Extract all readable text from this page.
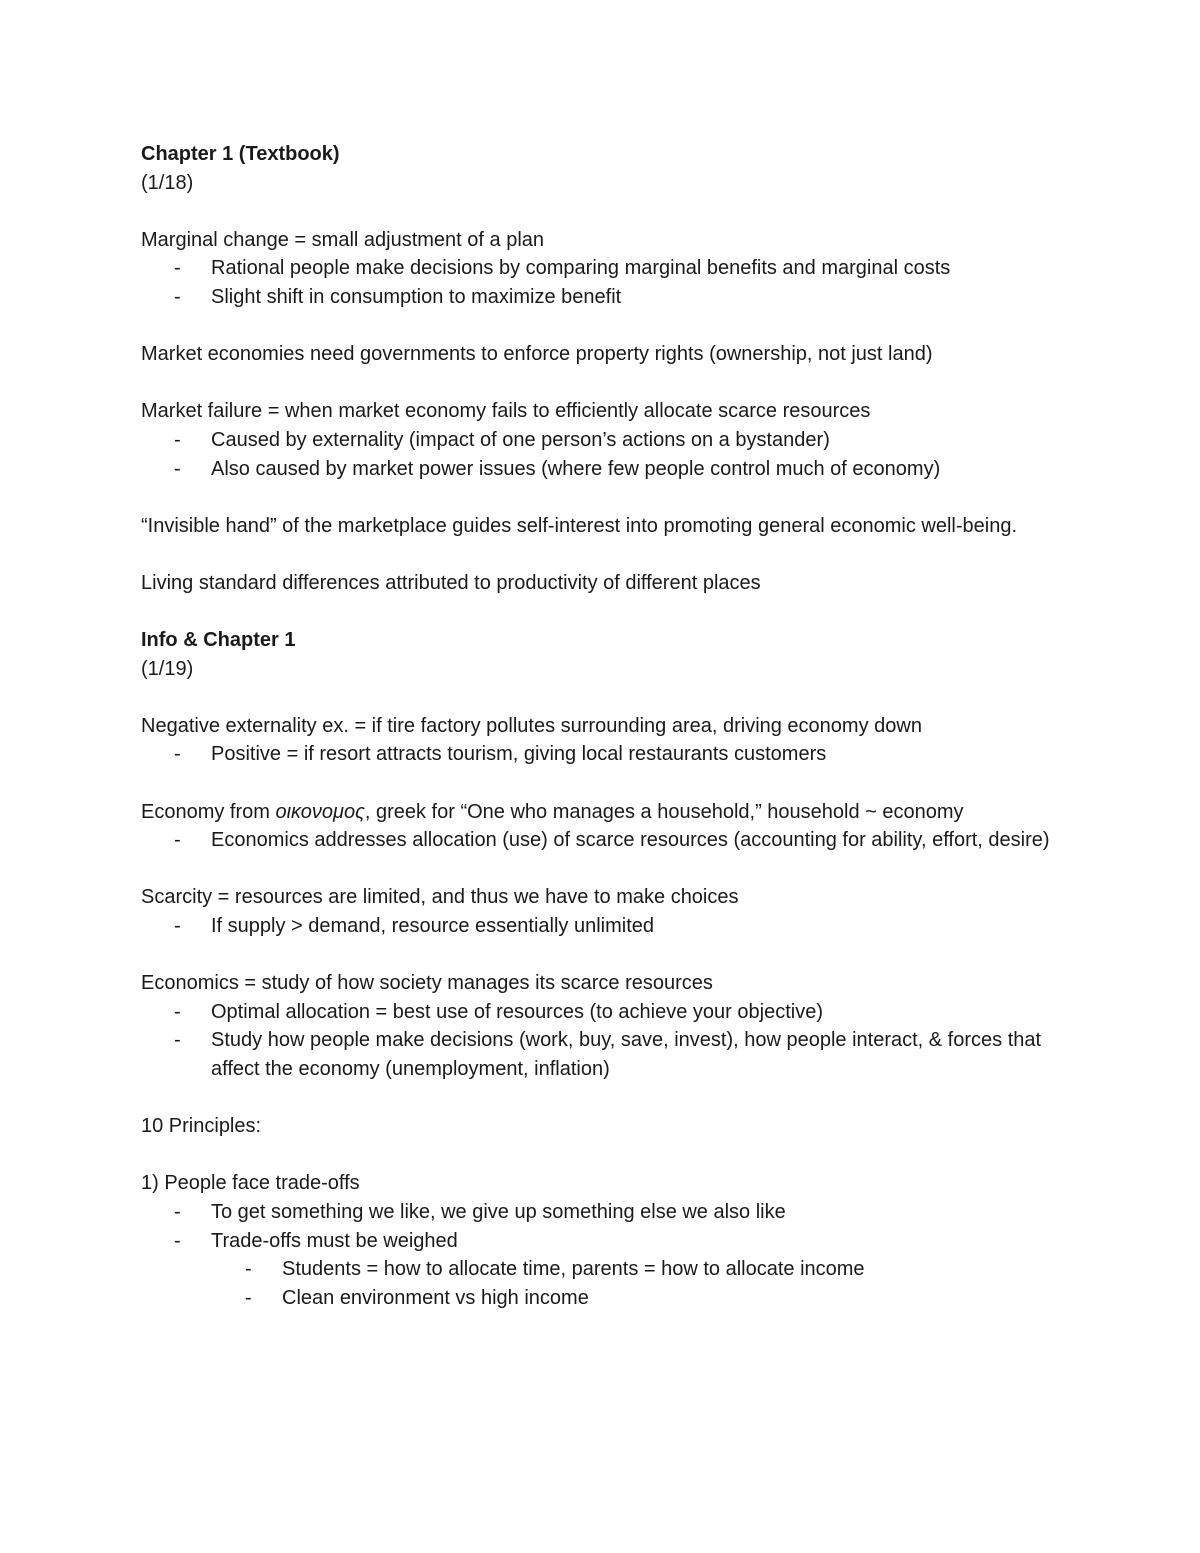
Chapter 1 (Textbook)
(1/18)
Marginal change = small adjustment of a plan
- Rational people make decisions by comparing marginal benefits and marginal costs
- Slight shift in consumption to maximize benefit
Market economies need governments to enforce property rights (ownership, not just land)
Market failure = when market economy fails to efficiently allocate scarce resources
- Caused by externality (impact of one person’s actions on a bystander)
- Also caused by market power issues (where few people control much of economy)
“Invisible hand” of the marketplace guides self-interest into promoting general economic well-being.
Living standard differences attributed to productivity of different places
Info & Chapter 1
(1/19)
Negative externality ex. = if tire factory pollutes surrounding area, driving economy down
- Positive = if resort attracts tourism, giving local restaurants customers
Economy from οικονομος, greek for “One who manages a household,” household ~ economy
- Economics addresses allocation (use) of scarce resources (accounting for ability, effort, desire)
Scarcity = resources are limited, and thus we have to make choices
- If supply > demand, resource essentially unlimited
Economics = study of how society manages its scarce resources
- Optimal allocation = best use of resources (to achieve your objective)
- Study how people make decisions (work, buy, save, invest), how people interact, & forces that affect the economy (unemployment, inflation)
10 Principles:
1) People face trade-offs
- To get something we like, we give up something else we also like
- Trade-offs must be weighed
- Students = how to allocate time, parents = how to allocate income
- Clean environment vs high income
